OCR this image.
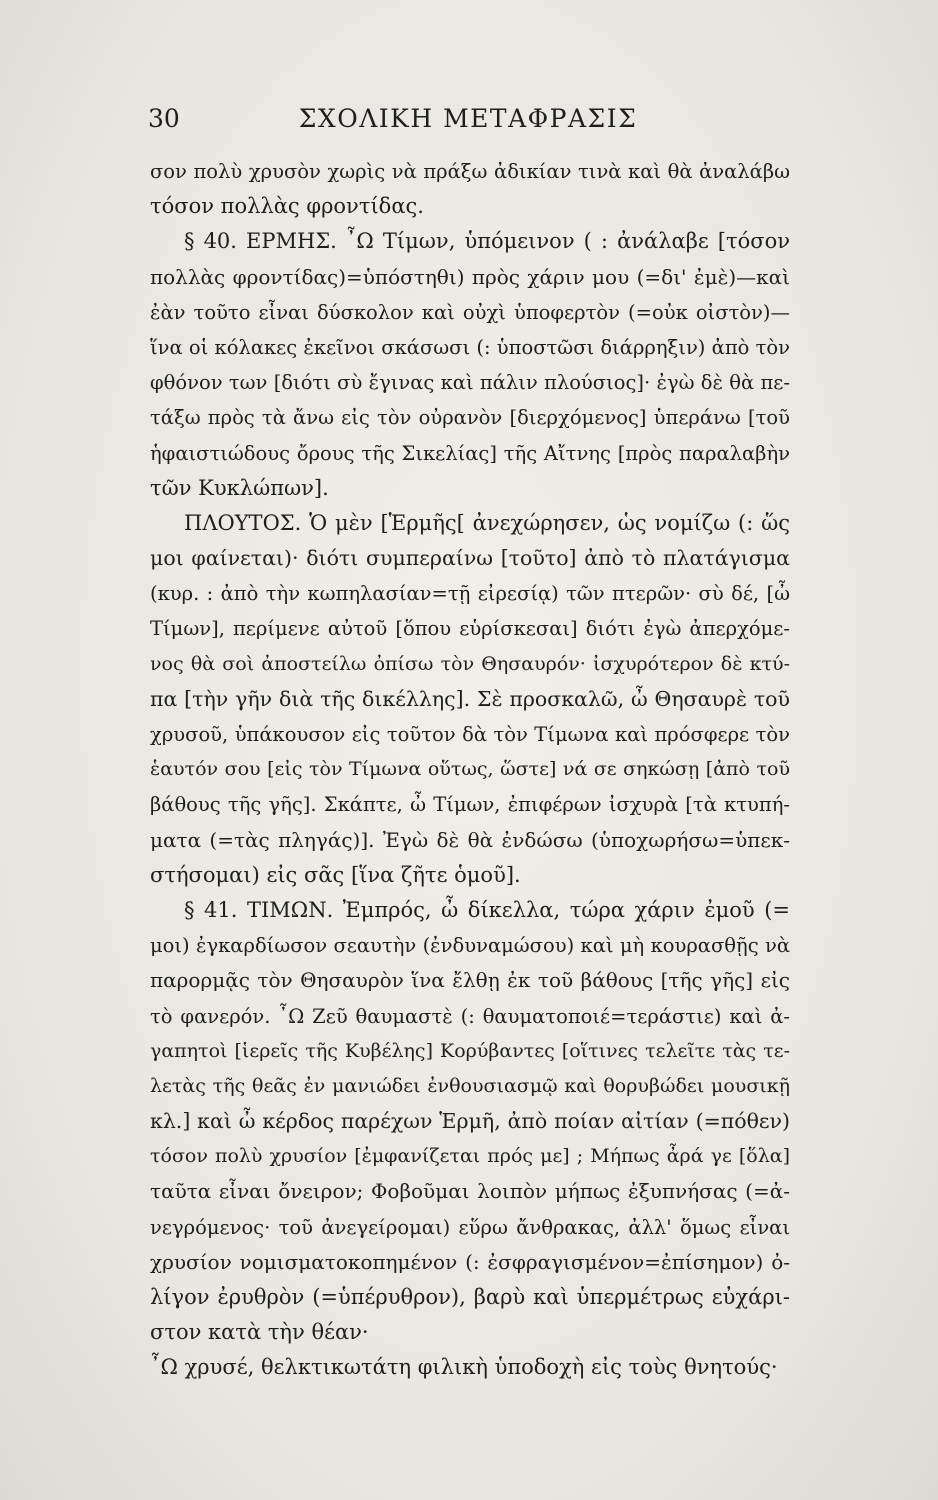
30	ΣΧΟΛΙΚΗ ΜΕΤΑΦΡΑΣΙΣ
σον πολὺ χρυσὸν χωρὶς νὰ πράξω ἀδικίαν τινὰ καὶ θὰ ἀναλάβω
τόσον πολλὰς φροντίδας.
§ 40. ΕΡΜΗΣ. ῏Ω Τίμων, ὑπόμεινον ( : ἀνάλαβε [τόσον
πολλὰς φροντίδας)=ὑπόστηθι) πρὸς χάριν μου (=δι' ἐμὲ)—καὶ
ἐὰν τοῦτο εἶναι δύσκολον καὶ οὐχὶ ὑποφερτὸν (=οὐκ οἰστὸν)—
ἵνα οἱ κόλακες ἐκεῖνοι σκάσωσι (: ὑποστῶσι διάρρηξιν) ἀπὸ τὸν
φθόνον των [διότι σὺ ἔγινας καὶ πάλιν πλούσιος]· ἐγὼ δὲ θὰ πε-
τάξω πρὸς τὰ ἄνω εἰς τὸν οὐρανὸν [διερχόμενος] ὑπεράνω [τοῦ
ἡφαιστιώδους ὄρους τῆς Σικελίας] τῆς Αἴτνης [πρὸς παραλαβὴν
τῶν Κυκλώπων].
ΠΛΟΥΤΟΣ. Ὁ μὲν [Ἑρμῆς[ ἀνεχώρησεν, ὡς νομίζω (: ὥς
μοι φαίνεται)· διότι συμπεραίνω [τοῦτο] ἀπὸ τὸ πλατάγισμα
(κυρ. : ἀπὸ τὴν κωπηλασίαν=τῇ εἰρεσίᾳ) τῶν πτερῶν· σὺ δέ, [ὦ
Τίμων], περίμενε αὐτοῦ [ὅπου εὑρίσκεσαι] διότι ἐγὼ ἀπερχόμε-
νος θὰ σοὶ ἀποστείλω ὀπίσω τὸν Θησαυρόν· ἰσχυρότερον δὲ κτύ-
πα [τὴν γῆν διὰ τῆς δικέλλης]. Σὲ προσκαλῶ, ὦ Θησαυρὲ τοῦ
χρυσοῦ, ὑπάκουσον εἰς τοῦτον δὰ τὸν Τίμωνα καὶ πρόσφερε τὸν
ἑαυτόν σου [εἰς τὸν Τίμωνα οὕτως, ὥστε] νά σε σηκώσῃ [ἀπὸ τοῦ
βάθους τῆς γῆς]. Σκάπτε, ὦ Τίμων, ἐπιφέρων ἰσχυρὰ [τὰ κτυπή-
ματα (=τὰς πληγάς)]. Ἐγὼ δὲ θὰ ἐνδώσω (ὑποχωρήσω=ὑπεκ-
στήσομαι) εἰς σᾶς [ἵνα ζῆτε ὁμοῦ].
§ 41. ΤΙΜΩΝ. Ἐμπρός, ὦ δίκελλα, τώρα χάριν ἐμοῦ (=
μοι) ἐγκαρδίωσον σεαυτὴν (ἐνδυναμώσου) καὶ μὴ κουρασθῇς νὰ
παρορμᾷς τὸν Θησαυρὸν ἵνα ἔλθῃ ἐκ τοῦ βάθους [τῆς γῆς] εἰς
τὸ φανερόν. ῏Ω Ζεῦ θαυμαστὲ (: θαυματοποιέ=τεράστιε) καὶ ἀ-
γαπητοὶ [ἱερεῖς τῆς Κυβέλης] Κορύβαντες [οἵτινες τελεῖτε τὰς τε-
λετὰς τῆς θεᾶς ἐν μανιώδει ἐνθουσιασμῷ καὶ θορυβώδει μουσικῇ
κλ.] καὶ ὦ κέρδος παρέχων Ἑρμῆ, ἀπὸ ποίαν αἰτίαν (=πόθεν)
τόσον πολὺ χρυσίον [ἐμφανίζεται πρός με] ; Μήπως ἆρά γε [ὅλα]
ταῦτα εἶναι ὄνειρον; Φοβοῦμαι λοιπὸν μήπως ἐξυπνήσας (=ἀ-
νεγρόμενος· τοῦ ἀνεγείρομαι) εὕρω ἄνθρακας, ἀλλ' ὅμως εἶναι
χρυσίον νομισματοκοπημένον (: ἐσφραγισμένον=ἐπίσημον) ὀ-
λίγον ἐρυθρὸν (=ὑπέρυθρον), βαρὺ καὶ ὑπερμέτρως εὐχάρι-
στον κατὰ τὴν θέαν·
῏Ω χρυσέ, θελκτικωτάτη φιλικὴ ὑποδοχὴ εἰς τοὺς θνητούς·
